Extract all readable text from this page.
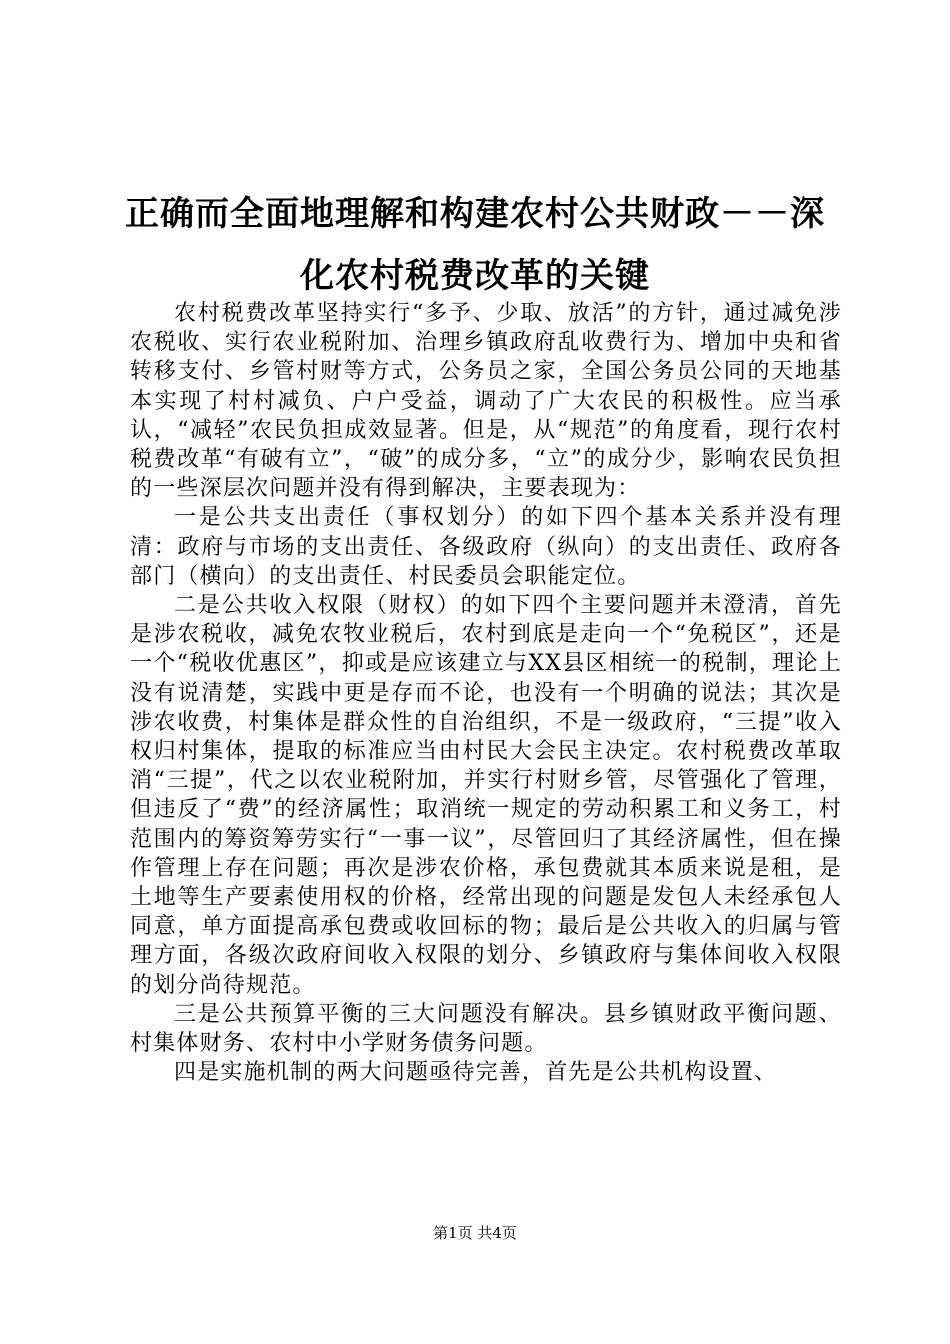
正确而全面地理解和构建农村公共财政－－深
化农村税费改革的关键

农村税费改革坚持实行“多予、少取、放活”的方针，通过减免涉农税收、实行农业税附加、治理乡镇政府乱收费行为、增加中央和省转移支付、乡管村财等方式，公务员之家，全国公务员公同的天地基本实现了村村减负、户户受益，调动了广大农民的积极性。应当承认，“减轻”农民负担成效显著。但是，从“规范”的角度看，现行农村税费改革“有破有立”，“破”的成分多，“立”的成分少，影响农民负担的一些深层次问题并没有得到解决，主要表现为：

一是公共支出责任（事权划分）的如下四个基本关系并没有理清：政府与市场的支出责任、各级政府（纵向）的支出责任、政府各部门（横向）的支出责任、村民委员会职能定位。

二是公共收入权限（财权）的如下四个主要问题并未澄清，首先是涉农税收，减免农牧业税后，农村到底是走向一个“免税区”，还是一个“税收优惠区”，抑或是应该建立与XX县区相统一的税制，理论上没有说清楚，实践中更是存而不论，也没有一个明确的说法；其次是涉农收费，村集体是群众性的自治组织，不是一级政府，“三提”收入权归村集体，提取的标准应当由村民大会民主决定。农村税费改革取消“三提”，代之以农业税附加，并实行村财乡管，尽管强化了管理，但违反了“费”的经济属性；取消统一规定的劳动积累工和义务工，村范围内的筹资筹劳实行“一事一议”，尽管回归了其经济属性，但在操作管理上存在问题；再次是涉农价格，承包费就其本质来说是租，是土地等生产要素使用权的价格，经常出现的问题是发包人未经承包人同意，单方面提高承包费或收回标的物；最后是公共收入的归属与管理方面，各级次政府间收入权限的划分、乡镇政府与集体间收入权限的划分尚待规范。

三是公共预算平衡的三大问题没有解决。县乡镇财政平衡问题、村集体财务、农村中小学财务债务问题。

四是实施机制的两大问题亟待完善，首先是公共机构设置、

第1页 共4页
